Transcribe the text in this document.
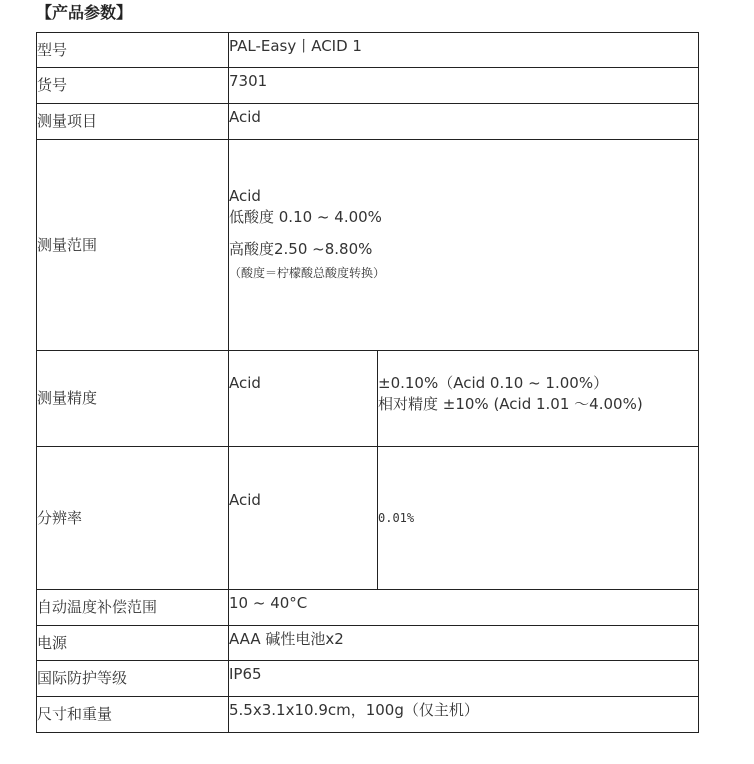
【产品参数】
型号	PAL-Easy丨ACID 1	
货号	7301	
测量项目	Acid	
测量范围	Acid
低酸度 0.10 ~ 4.00%
高酸度2.50 ~8.80%
（酸度＝柠檬酸总酸度转换）	

测量精度	Acid	±0.10%（Acid 0.10 ~ 1.00%）
相对精度 ±10% (Acid 1.01 ～4.00%)

分辨率	Acid	0.01%
自动温度补偿范围	10 ~ 40°C	
电源	AAA 碱性电池x2	
国际防护等级	IP65	
尺寸和重量	5.5x3.1x10.9cm，100g（仅主机）	
